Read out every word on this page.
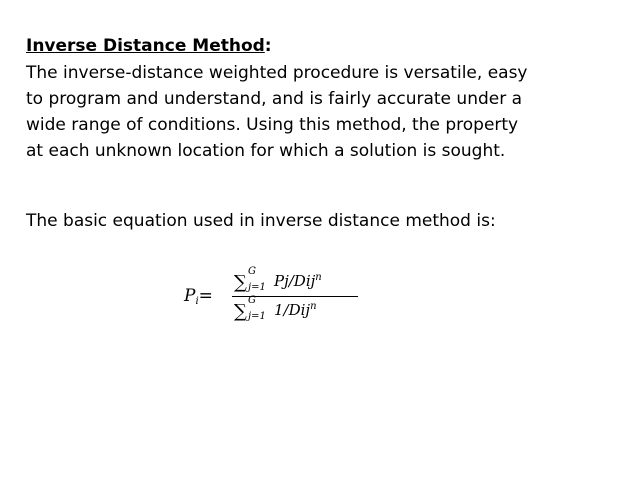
Inverse Distance Method:
The inverse-distance weighted procedure is versatile, easy
to program and understand, and is fairly accurate under a
wide range of conditions. Using this method, the property
at each unknown location for which a solution is sought.
The basic equation used in inverse distance method is:
$P_i=$
∑
G
j=1 Pj/Dij$^n$
∑
G
j=1 1/Dij$^n$
